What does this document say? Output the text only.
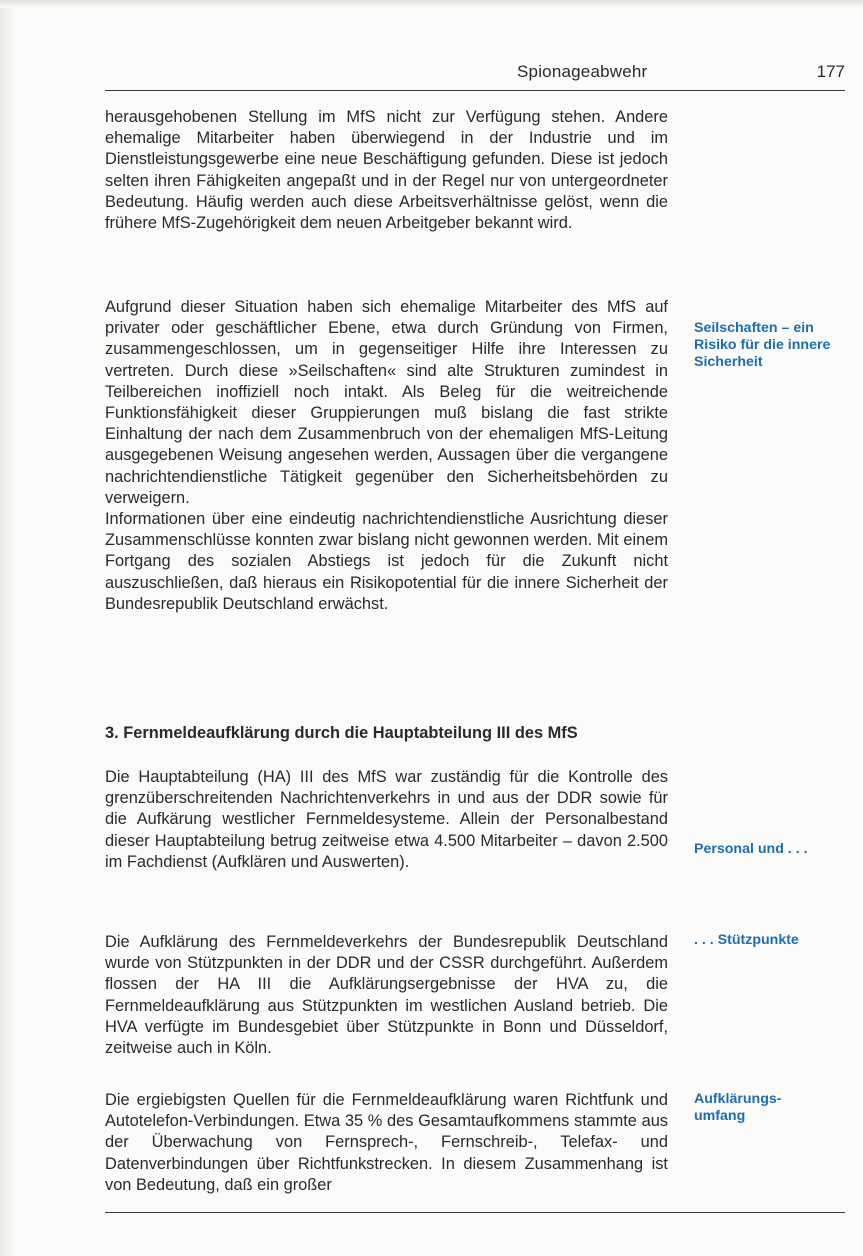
Spionageabwehr	177

herausgehobenen Stellung im MfS nicht zur Verfügung stehen. Andere ehemalige Mitarbeiter haben überwiegend in der Industrie und im Dienstleistungsgewerbe eine neue Beschäftigung gefunden. Diese ist jedoch selten ihren Fähigkeiten angepaßt und in der Regel nur von untergeordneter Bedeutung. Häufig werden auch diese Arbeitsverhältnisse gelöst, wenn die frühere MfS-Zugehörigkeit dem neuen Arbeitgeber bekannt wird.

Aufgrund dieser Situation haben sich ehemalige Mitarbeiter des MfS auf privater oder geschäftlicher Ebene, etwa durch Gründung von Firmen, zusammengeschlossen, um in gegenseitiger Hilfe ihre Interessen zu vertreten. Durch diese »Seilschaften« sind alte Strukturen zumindest in Teilbereichen inoffiziell noch intakt. Als Beleg für die weitreichende Funktionsfähigkeit dieser Gruppierungen muß bislang die fast strikte Einhaltung der nach dem Zusammenbruch von der ehemaligen MfS-Leitung ausgegebenen Weisung angesehen werden, Aussagen über die vergangene nachrichtendienstliche Tätigkeit gegenüber den Sicherheitsbehörden zu verweigern.

Informationen über eine eindeutig nachrichtendienstliche Ausrichtung dieser Zusammenschlüsse konnten zwar bislang nicht gewonnen werden. Mit einem Fortgang des sozialen Abstiegs ist jedoch für die Zukunft nicht auszuschließen, daß hieraus ein Risikopotential für die innere Sicherheit der Bundesrepublik Deutschland erwächst.

Seilschaften – ein Risiko für die innere Sicherheit
3. Fernmeldeaufklärung durch die Hauptabteilung III des MfS

Die Hauptabteilung (HA) III des MfS war zuständig für die Kontrolle des grenzüberschreitenden Nachrichtenverkehrs in und aus der DDR sowie für die Aufkärung westlicher Fernmeldesysteme. Allein der Personalbestand dieser Hauptabteilung betrug zeitweise etwa 4.500 Mitarbeiter – davon 2.500 im Fachdienst (Aufklären und Auswerten).

Personal und . . .

Die Aufklärung des Fernmeldeverkehrs der Bundesrepublik Deutschland wurde von Stützpunkten in der DDR und der CSSR durchgeführt. Außerdem flossen der HA III die Aufklärungsergebnisse der HVA zu, die Fernmeldeaufklärung aus Stützpunkten im westlichen Ausland betrieb. Die HVA verfügte im Bundesgebiet über Stützpunkte in Bonn und Düsseldorf, zeitweise auch in Köln.

. . . Stützpunkte

Die ergiebigsten Quellen für die Fernmeldeaufklärung waren Richtfunk und Autotelefon-Verbindungen. Etwa 35 % des Gesamtaufkommens stammte aus der Überwachung von Fernsprech-, Fernschreib-, Telefax- und Datenverbindungen über Richtfunkstrecken. In diesem Zusammenhang ist von Bedeutung, daß ein großer

Aufklärungs-umfang
